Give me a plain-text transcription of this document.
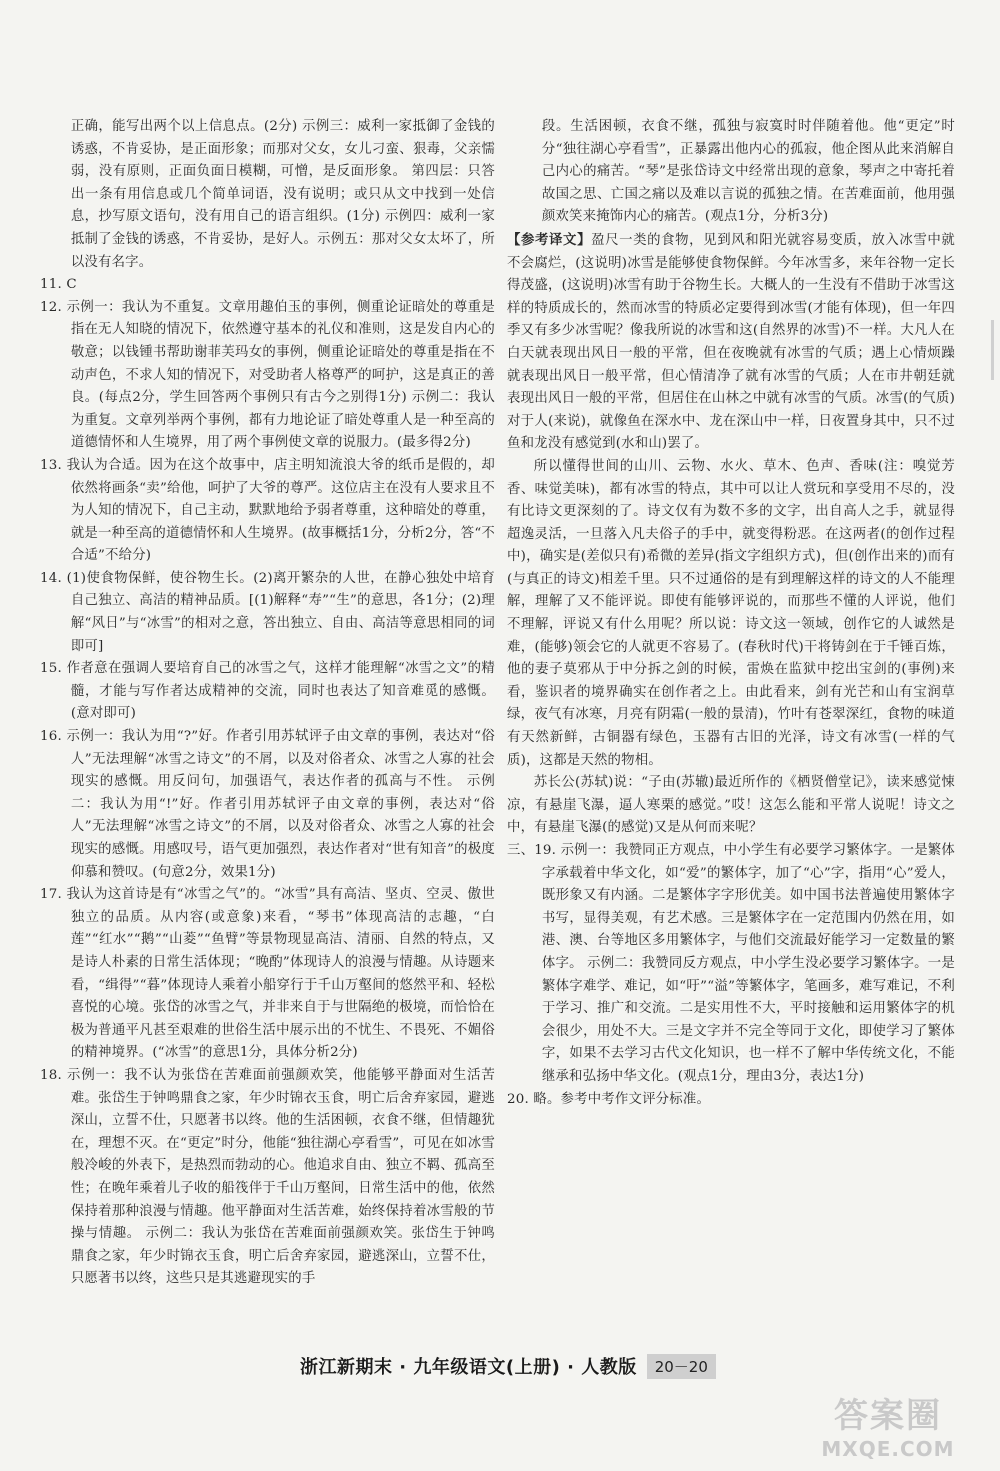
正确，能写出两个以上信息点。(2分) 示例三：威利一家抵御了金钱的诱惑，不肯妥协，是正面形象；而那对父女，女儿刁蛮、狠毒，父亲懦弱，没有原则，正面负面日模糊，可憎，是反面形象。 第四层：只答出一条有用信息或几个简单词语，没有说明；或只从文中找到一处信息，抄写原文语句，没有用自己的语言组织。(1分) 示例四：威利一家抵制了金钱的诱惑，不肯妥协，是好人。示例五：那对父女太坏了，所以没有名字。

11. C

12. 示例一：我认为不重复。文章用趣伯玉的事例，侧重论证暗处的尊重是指在无人知晓的情况下，依然遵守基本的礼仪和准则，这是发自内心的敬意；以钱锺书帮助谢菲芙玛女的事例，侧重论证暗处的尊重是指在不动声色，不求人知的情况下，对受助者人格尊严的呵护，这是真正的善良。(每点2分，学生回答两个事例只有古今之别得1分) 示例二：我认为重复。文章列举两个事例，都有力地论证了暗处尊重人是一种至高的道德情怀和人生境界，用了两个事例使文章的说服力。(最多得2分)

13. 我认为合适。因为在这个故事中，店主明知流浪大爷的纸币是假的，却依然将画条“卖”给他，呵护了大爷的尊严。这位店主在没有人要求且不为人知的情况下，自己主动，默默地给予弱者尊重，这种暗处的尊重，就是一种至高的道德情怀和人生境界。(故事概括1分，分析2分，答“不合适”不给分)

14. (1)使食物保鲜，使谷物生长。(2)离开繁杂的人世，在静心独处中培育自己独立、高洁的精神品质。[(1)解释“寿”“生”的意思，各1分；(2)理解“风日”与“冰雪”的相对之意，答出独立、自由、高洁等意思相同的词即可]

15. 作者意在强调人要培育自己的冰雪之气，这样才能理解“冰雪之文”的精髓，才能与写作者达成精神的交流，同时也表达了知音难觅的感慨。(意对即可)

16. 示例一：我认为用“?”好。作者引用苏轼评子由文章的事例，表达对“俗人”无法理解“冰雪之诗文”的不屑，以及对俗者众、冰雪之人寡的社会现实的感慨。用反问句，加强语气，表达作者的孤高与不性。 示例二：我认为用“!”好。作者引用苏轼评子由文章的事例，表达对“俗人”无法理解“冰雪之诗文”的不屑，以及对俗者众、冰雪之人寡的社会现实的感慨。用感叹号，语气更加强烈，表达作者对“世有知音”的极度仰慕和赞叹。(句意2分，效果1分)

17. 我认为这首诗是有“冰雪之气”的。“冰雪”具有高洁、坚贞、空灵、傲世独立的品质。从内容(或意象)来看，“琴书”体现高洁的志趣，“白莲”“红水”“鹅”“山菱”“鱼臂”等景物现显高洁、清丽、自然的特点，又是诗人朴素的日常生活体现；“晚酌”体现诗人的浪漫与情趣。从诗题来看，“缉得”“暮”体现诗人乘着小船穿行于千山万壑间的悠然平和、轻松喜悦的心境。张岱的冰雪之气，并非来自于与世隔绝的极境，而恰恰在极为普通平凡甚至艰难的世俗生活中展示出的不忧生、不畏死、不媚俗的精神境界。(“冰雪”的意思1分，具体分析2分)

18. 示例一：我不认为张岱在苦难面前强颜欢笑，他能够平静面对生活苦难。张岱生于钟鸣鼎食之家，年少时锦衣玉食，明亡后舍弃家园，避逃深山，立誓不仕，只愿著书以终。他的生活困顿，衣食不继，但情趣犹在，理想不灭。在“更定”时分，他能“独往湖心亭看雪”，可见在如冰雪般冷峻的外表下，是热烈而勃动的心。他追求自由、独立不羁、孤高至性；在晚年乘着儿子收的船筏伴于千山万壑间，日常生活中的他，依然保持着那种浪漫与情趣。他平静面对生活苦难，始终保持着冰雪般的节操与情趣。 示例二：我认为张岱在苦难面前强颜欢笑。张岱生于钟鸣鼎食之家，年少时锦衣玉食，明亡后舍弃家园，避逃深山，立誓不仕，只愿著书以终，这些只是其逃避现实的手

段。生活困顿，衣食不继，孤独与寂寞时时伴随着他。他“更定”时分“独往湖心亭看雪”，正暴露出他内心的孤寂，他企图从此来消解自己内心的痛苦。“琴”是张岱诗文中经常出现的意象，琴声之中寄托着故国之思、亡国之痛以及难以言说的孤独之情。在苦难面前，他用强颜欢笑来掩饰内心的痛苦。(观点1分，分析3分)

【参考译文】盈尺一类的食物，见到风和阳光就容易变质，放入冰雪中就不会腐烂，(这说明)冰雪是能够使食物保鲜。今年冰雪多，来年谷物一定长得茂盛，(这说明)冰雪有助于谷物生长。大概人的一生没有不借助于冰雪这样的特质成长的，然而冰雪的特质必定要得到冰雪(才能有体现)，但一年四季又有多少冰雪呢？像我所说的冰雪和这(自然界的冰雪)不一样。大凡人在白天就表现出风日一般的平常，但在夜晚就有冰雪的气质；遇上心情烦躁就表现出风日一般平常，但心情清净了就有冰雪的气质；人在市井朝廷就表现出风日一般的平常，但居住在山林之中就有冰雪的气质。冰雪(的气质)对于人(来说)，就像鱼在深水中、龙在深山中一样，日夜置身其中，只不过鱼和龙没有感觉到(水和山)罢了。

所以懂得世间的山川、云物、水火、草木、色声、香味(注：嗅觉芳香、味觉美味)，都有冰雪的特点，其中可以让人赏玩和享受用不尽的，没有比诗文更深刻的了。诗文仅有为数不多的文字，出自高人之手，就显得超逸灵活，一旦落入凡夫俗子的手中，就变得粉恶。在这两者(的创作过程中)，确实是(差似只有)希微的差异(指文字组织方式)，但(创作出来的)而有(与真正的诗文)相差千里。只不过通俗的是有到理解这样的诗文的人不能理解，理解了又不能评说。即使有能够评说的，而那些不懂的人评说，他们不理解，评说又有什么用呢？所以说：诗文这一领域，创作它的人诚然是难，(能够)领会它的人就更不容易了。(春秋时代)干将铸剑在于千锤百炼，他的妻子莫邪从于中分拆之剑的时候，雷焕在监狱中挖出宝剑的(事例)来看，鉴识者的境界确实在创作者之上。由此看来，剑有光芒和山有宝润草绿，夜气有冰寒，月亮有阴霜(一般的景清)，竹叶有苍翠深红，食物的味道有天然新鲜，古铜器有绿色，玉器有古旧的光泽，诗文有冰雪(一样的气质)，这都是天然的物相。

苏长公(苏轼)说：“子由(苏辙)最近所作的《栖贤僧堂记》，读来感觉悚凉，有悬崖飞瀑，逼人寒栗的感觉。”哎！这怎么能和平常人说呢！诗文之中，有悬崖飞瀑(的感觉)又是从何而来呢？

三、19. 示例一：我赞同正方观点，中小学生有必要学习繁体字。一是繁体字承载着中华文化，如“爱”的繁体字，加了“心”字，指用“心”爱人，既形象又有内涵。二是繁体字字形优美。如中国书法普遍使用繁体字书写，显得美观，有艺术感。三是繁体字在一定范围内仍然在用，如港、澳、台等地区多用繁体字，与他们交流最好能学习一定数量的繁体字。 示例二：我赞同反方观点，中小学生没必要学习繁体字。一是繁体字难学、难记，如“吁”“溢”等繁体字，笔画多，难写难记，不利于学习、推广和交流。二是实用性不大，平时接触和运用繁体字的机会很少，用处不大。三是文字并不完全等同于文化，即使学习了繁体字，如果不去学习古代文化知识，也一样不了解中华传统文化，不能继承和弘扬中华文化。(观点1分，理由3分，表达1分)

20. 略。参考中考作文评分标准。

浙江新期末 · 九年级语文(上册) · 人教版	20－20
答案圈
MXQE.COM
